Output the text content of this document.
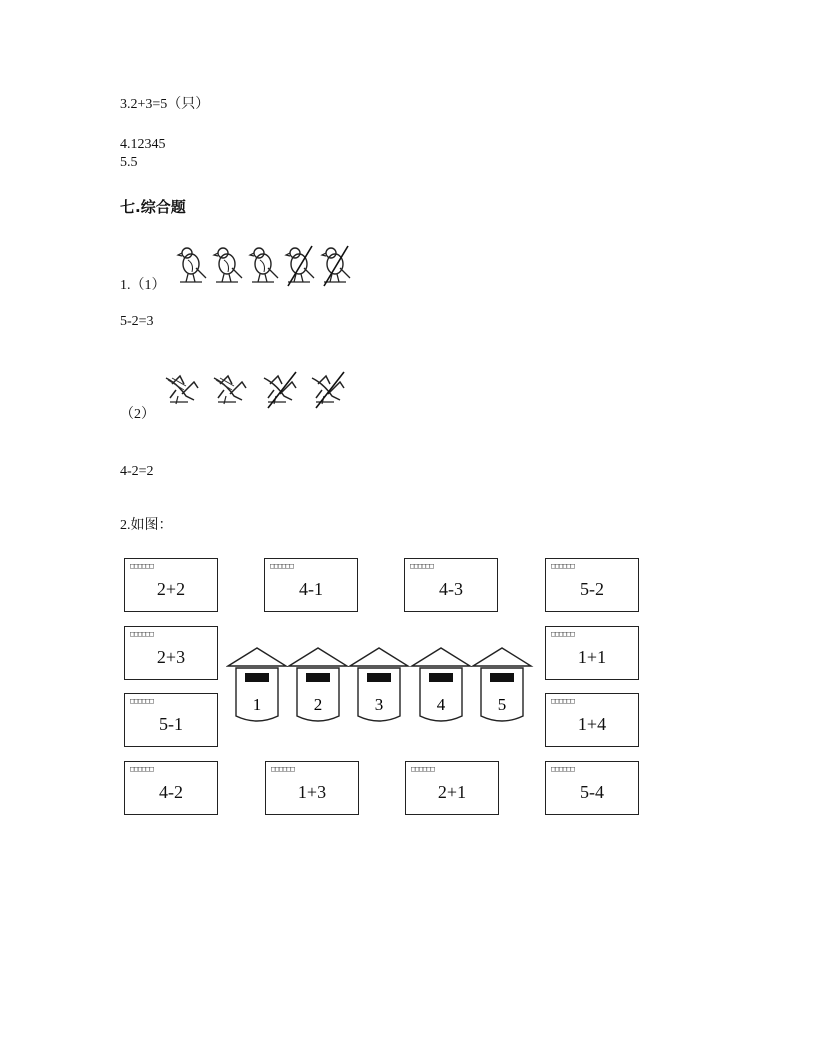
3.2+3=5（只）
4.12345
5.5
七.综合题
1.（1）
5-2=3
（2）
4-2=2
2.如图：
□□□□□□
2+2
□□□□□□
4-1
□□□□□□
4-3
□□□□□□
5-2
□□□□□□
2+3
□□□□□□
1+1
□□□□□□
5-1
□□□□□□
1+4
□□□□□□
4-2
□□□□□□
1+3
□□□□□□
2+1
□□□□□□
5-4
1	2	3	4	5
